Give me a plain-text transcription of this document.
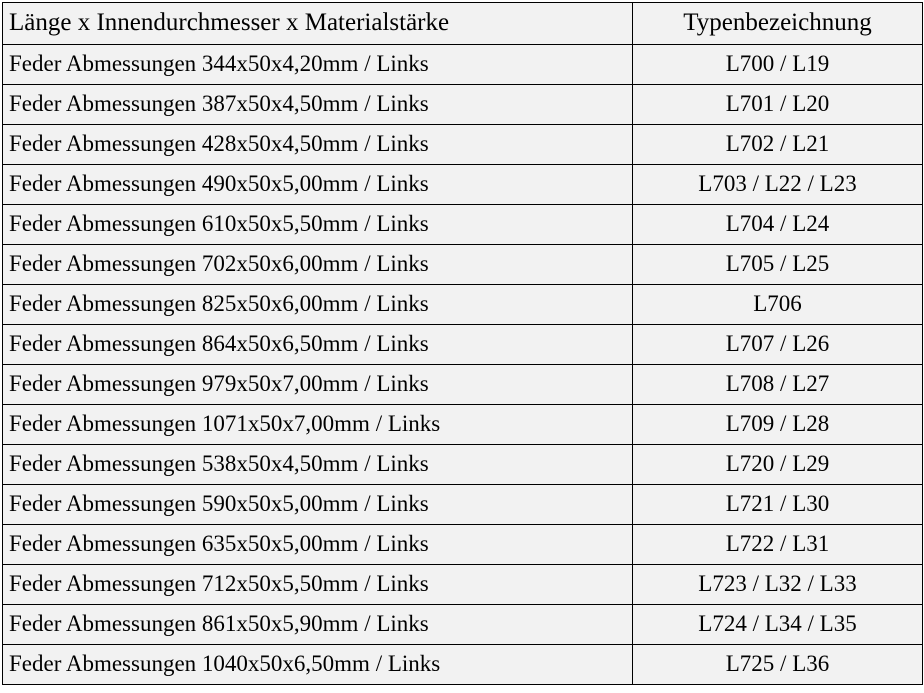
Länge x Innendurchmesser x Materialstärke	Typenbezeichnung
Feder Abmessungen 344x50x4,20mm / Links	L700 / L19
Feder Abmessungen 387x50x4,50mm / Links	L701 / L20
Feder Abmessungen 428x50x4,50mm / Links	L702 / L21
Feder Abmessungen 490x50x5,00mm / Links	L703 / L22 / L23
Feder Abmessungen 610x50x5,50mm / Links	L704 / L24
Feder Abmessungen 702x50x6,00mm / Links	L705 / L25
Feder Abmessungen 825x50x6,00mm / Links	L706
Feder Abmessungen 864x50x6,50mm / Links	L707 / L26
Feder Abmessungen 979x50x7,00mm / Links	L708 / L27
Feder Abmessungen 1071x50x7,00mm / Links	L709 / L28
Feder Abmessungen 538x50x4,50mm / Links	L720 / L29
Feder Abmessungen 590x50x5,00mm / Links	L721 / L30
Feder Abmessungen 635x50x5,00mm / Links	L722 / L31
Feder Abmessungen 712x50x5,50mm / Links	L723 / L32 / L33
Feder Abmessungen 861x50x5,90mm / Links	L724 / L34 / L35
Feder Abmessungen 1040x50x6,50mm / Links	L725 / L36
